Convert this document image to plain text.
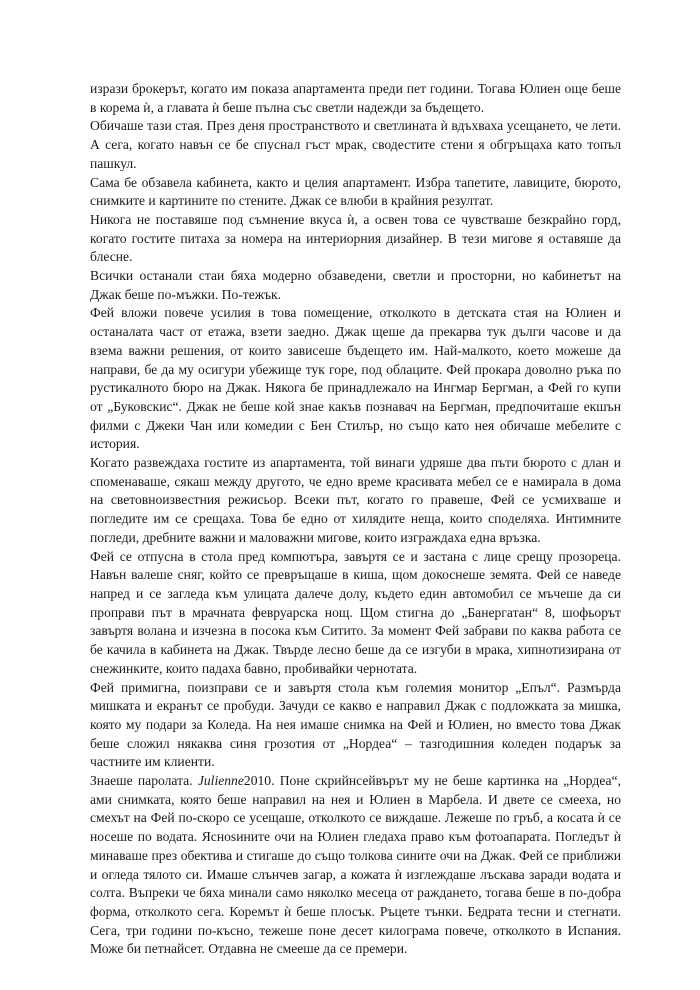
изрази брокерът, когато им показа апартамента преди пет години. Тогава Юлиен още беше в корема ѝ, а главата ѝ беше пълна със светли надежди за бъдещето.

Обичаше тази стая. През деня пространството и светлината ѝ вдъхваха усещането, че лети. А сега, когато навън се бе спуснал гъст мрак, сводестите стени я обгръщаха като топъл пашкул.

Сама бе обзавела кабинета, както и целия апартамент. Избра тапетите, лавиците, бюрото, снимките и картините по стените. Джак се влюби в крайния резултат.

Никога не поставяше под съмнение вкуса ѝ, а освен това се чувстваше безкрайно горд, когато гостите питаха за номера на интериорния дизайнер. В тези мигове я оставяше да блесне.

Всички останали стаи бяха модерно обзаведени, светли и просторни, но кабинетът на Джак беше по-мъжки. По-тежък.

Фей вложи повече усилия в това помещение, отколкото в детската стая на Юлиен и останалата част от етажа, взети заедно. Джак щеше да прекарва тук дълги часове и да взема важни решения, от които зависеше бъдещето им. Най-малкото, което можеше да направи, бе да му осигури убежище тук горе, под облаците. Фей прокара доволно ръка по рустикалното бюро на Джак. Някога бе принадлежало на Ингмар Бергман, а Фей го купи от „Буковскис“. Джак не беше кой знае какъв познавач на Бергман, предпочиташе екшън филми с Джеки Чан или комедии с Бен Стилър, но също като нея обичаше мебелите с история.

Когато развеждаха гостите из апартамента, той винаги удряше два пъти бюрото с длан и споменаваше, сякаш между другото, че едно време красивата мебел се е намирала в дома на световноизвестния режисьор. Всеки път, когато го правеше, Фей се усмихваше и погледите им се срещаха. Това бе едно от хилядите неща, които споделяха. Интимните погледи, дребните важни и маловажни мигове, които изграждаха една връзка.

Фей се отпусна в стола пред компютъра, завъртя се и застана с лице срещу прозореца. Навън валеше сняг, който се превръщаше в киша, щом докоснеше земята. Фей се наведе напред и се загледа към улицата далече долу, където един автомобил се мъчеше да си проправи път в мрачната февруарска нощ. Щом стигна до „Банергатан“ 8, шофьорът завъртя волана и изчезна в посока към Ситито. За момент Фей забрави по каква работа се бе качила в кабинета на Джак. Твърде лесно беше да се изгуби в мрака, хипнотизирана от снежинките, които падаха бавно, пробивайки чернотата.

Фей примигна, поизправи се и завъртя стола към големия монитор „Епъл“. Размърда мишката и екранът се пробуди. Зачуди се какво е направил Джак с подложката за мишка, която му подари за Коледа. На нея имаше снимка на Фей и Юлиен, но вместо това Джак беше сложил някаква синя грозотия от „Нордеа“ – тазгодишния коледен подарък за частните им клиенти.

Знаеше паролата. Julienne2010. Поне скрийнсейвърът му не беше картинка на „Нордеа“, ами снимката, която беше направил на нея и Юлиен в Марбела. И двете се смееха, но смехът на Фей по-скоро се усещаше, отколкото се виждаше. Лежеше по гръб, а косата ѝ се носеше по водата. Яснosините очи на Юлиен гледаха право към фотоапарата. Погледът ѝ минаваше през обектива и стигаше до също толкова сините очи на Джак. Фей се приближи и огледа тялото си. Имаше слънчев загар, а кожата ѝ изглеждаше лъскава заради водата и солта. Въпреки че бяха минали само няколко месеца от раждането, тогава беше в по-добра форма, отколкото сега. Коремът ѝ беше плосък. Ръцете тънки. Бедрата тесни и стегнати. Сега, три години по-късно, тежеше поне десет килограма повече, отколкото в Испания. Може би петнайсет. Отдавна не смееше да се премери.
